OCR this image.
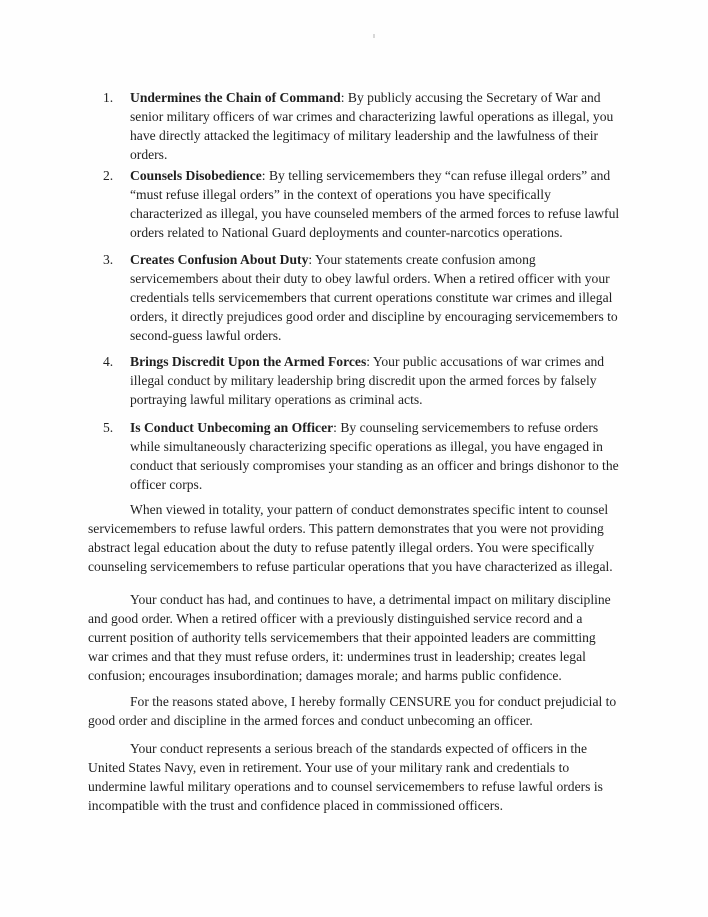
1. Undermines the Chain of Command: By publicly accusing the Secretary of War and
senior military officers of war crimes and characterizing lawful operations as illegal, you
have directly attacked the legitimacy of military leadership and the lawfulness of their
orders.
2. Counsels Disobedience: By telling servicemembers they “can refuse illegal orders” and
“must refuse illegal orders” in the context of operations you have specifically
characterized as illegal, you have counseled members of the armed forces to refuse lawful
orders related to National Guard deployments and counter-narcotics operations.
3. Creates Confusion About Duty: Your statements create confusion among
servicemembers about their duty to obey lawful orders. When a retired officer with your
credentials tells servicemembers that current operations constitute war crimes and illegal
orders, it directly prejudices good order and discipline by encouraging servicemembers to
second-guess lawful orders.
4. Brings Discredit Upon the Armed Forces: Your public accusations of war crimes and
illegal conduct by military leadership bring discredit upon the armed forces by falsely
portraying lawful military operations as criminal acts.
5. Is Conduct Unbecoming an Officer: By counseling servicemembers to refuse orders
while simultaneously characterizing specific operations as illegal, you have engaged in
conduct that seriously compromises your standing as an officer and brings dishonor to the
officer corps.
When viewed in totality, your pattern of conduct demonstrates specific intent to counsel
servicemembers to refuse lawful orders. This pattern demonstrates that you were not providing
abstract legal education about the duty to refuse patently illegal orders. You were specifically
counseling servicemembers to refuse particular operations that you have characterized as illegal.
Your conduct has had, and continues to have, a detrimental impact on military discipline
and good order. When a retired officer with a previously distinguished service record and a
current position of authority tells servicemembers that their appointed leaders are committing
war crimes and that they must refuse orders, it: undermines trust in leadership; creates legal
confusion; encourages insubordination; damages morale; and harms public confidence.
For the reasons stated above, I hereby formally CENSURE you for conduct prejudicial to
good order and discipline in the armed forces and conduct unbecoming an officer.
Your conduct represents a serious breach of the standards expected of officers in the
United States Navy, even in retirement. Your use of your military rank and credentials to
undermine lawful military operations and to counsel servicemembers to refuse lawful orders is
incompatible with the trust and confidence placed in commissioned officers.
